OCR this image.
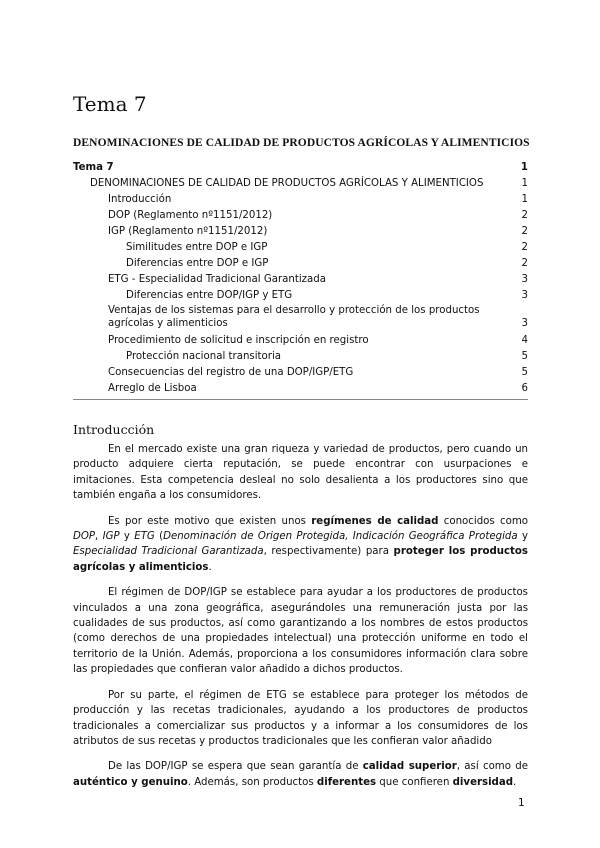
Tema 7
DENOMINACIONES DE CALIDAD DE PRODUCTOS AGRÍCOLAS Y ALIMENTICIOS
Tema 7	1
DENOMINACIONES DE CALIDAD DE PRODUCTOS AGRÍCOLAS Y ALIMENTICIOS	1
Introducción	1
DOP (Reglamento nº1151/2012)	2
IGP (Reglamento nº1151/2012)	2
Similitudes entre DOP e IGP	2
Diferencias entre DOP e IGP	2
ETG - Especialidad Tradicional Garantizada	3
Diferencias entre DOP/IGP y ETG	3
Ventajas de los sistemas para el desarrollo y protección de los productos agrícolas y alimenticios	3
Procedimiento de solicitud e inscripción en registro	4
Protección nacional transitoria	5
Consecuencias del registro de una DOP/IGP/ETG	5
Arreglo de Lisboa	6
Introducción

En el mercado existe una gran riqueza y variedad de productos, pero cuando un producto adquiere cierta reputación, se puede encontrar con usurpaciones e imitaciones. Esta competencia desleal no solo desalienta a los productores sino que también engaña a los consumidores.

Es por este motivo que existen unos regímenes de calidad conocidos como DOP, IGP y ETG (Denominación de Origen Protegida, Indicación Geográfica Protegida y Especialidad Tradicional Garantizada, respectivamente) para proteger los productos agrícolas y alimenticios.

El régimen de DOP/IGP se establece para ayudar a los productores de productos vinculados a una zona geográfica, asegurándoles una remuneración justa por las cualidades de sus productos, así como garantizando a los nombres de estos productos (como derechos de una propiedades intelectual) una protección uniforme en todo el territorio de la Unión. Además, proporciona a los consumidores información clara sobre las propiedades que confieran valor añadido a dichos productos.

Por su parte, el régimen de ETG se establece para proteger los métodos de producción y las recetas tradicionales, ayudando a los productores de productos tradicionales a comercializar sus productos y a informar a los consumidores de los atributos de sus recetas y productos tradicionales que les confieran valor añadido

De las DOP/IGP se espera que sean garantía de calidad superior, así como de auténtico y genuino. Además, son productos diferentes que confieren diversidad.

1
